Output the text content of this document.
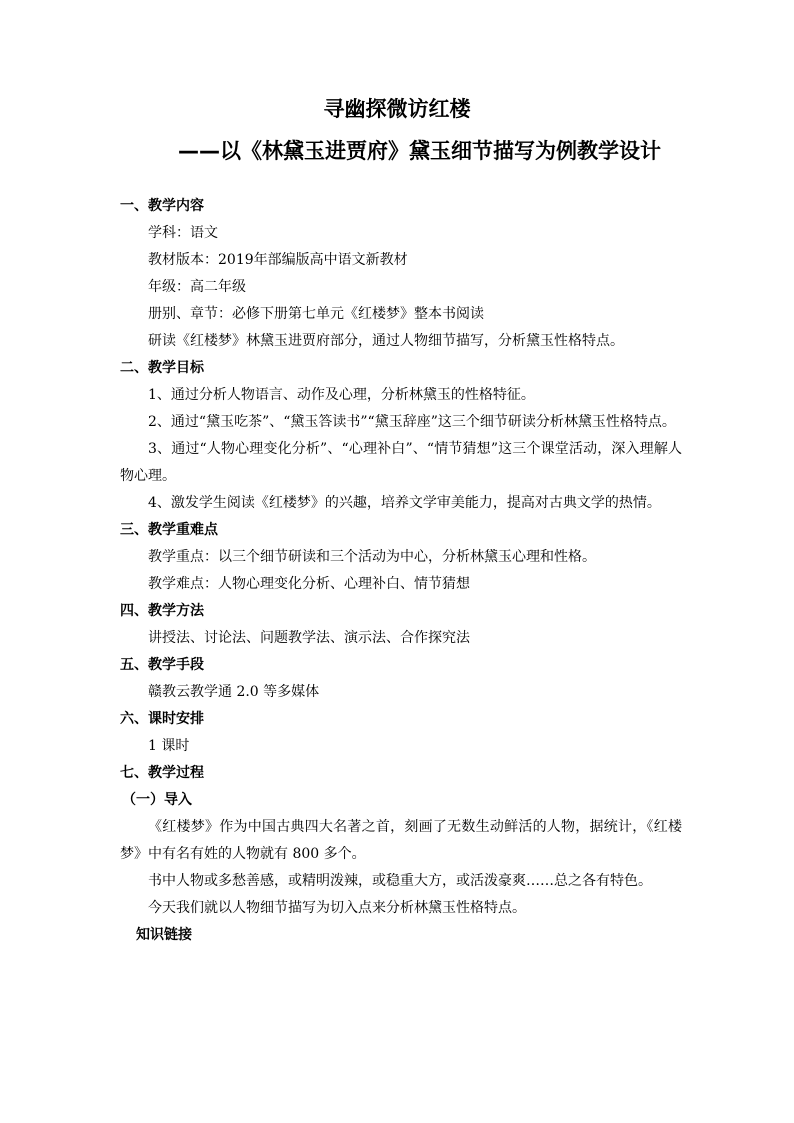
寻幽探微访红楼
——以《林黛玉进贾府》黛玉细节描写为例教学设计
一、教学内容
学科：语文
教材版本：2019年部编版高中语文新教材
年级：高二年级
册别、章节：必修下册第七单元《红楼梦》整本书阅读
研读《红楼梦》林黛玉进贾府部分，通过人物细节描写，分析黛玉性格特点。
二、教学目标
1、通过分析人物语言、动作及心理，分析林黛玉的性格特征。
2、通过“黛玉吃茶”、“黛玉答读书”“黛玉辞座”这三个细节研读分析林黛玉性格特点。
3、通过“人物心理变化分析”、“心理补白”、“情节猜想”这三个课堂活动，深入理解人物心理。
4、激发学生阅读《红楼梦》的兴趣，培养文学审美能力，提高对古典文学的热情。
三、教学重难点
教学重点：以三个细节研读和三个活动为中心，分析林黛玉心理和性格。
教学难点：人物心理变化分析、心理补白、情节猜想
四、教学方法
讲授法、讨论法、问题教学法、演示法、合作探究法
五、教学手段
赣教云教学通 2.0 等多媒体
六、课时安排
1 课时
七、教学过程
（一）导入
《红楼梦》作为中国古典四大名著之首，刻画了无数生动鲜活的人物，据统计，《红楼梦》中有名有姓的人物就有 800 多个。
书中人物或多愁善感，或精明泼辣，或稳重大方，或活泼豪爽……总之各有特色。
今天我们就以人物细节描写为切入点来分析林黛玉性格特点。
知识链接
